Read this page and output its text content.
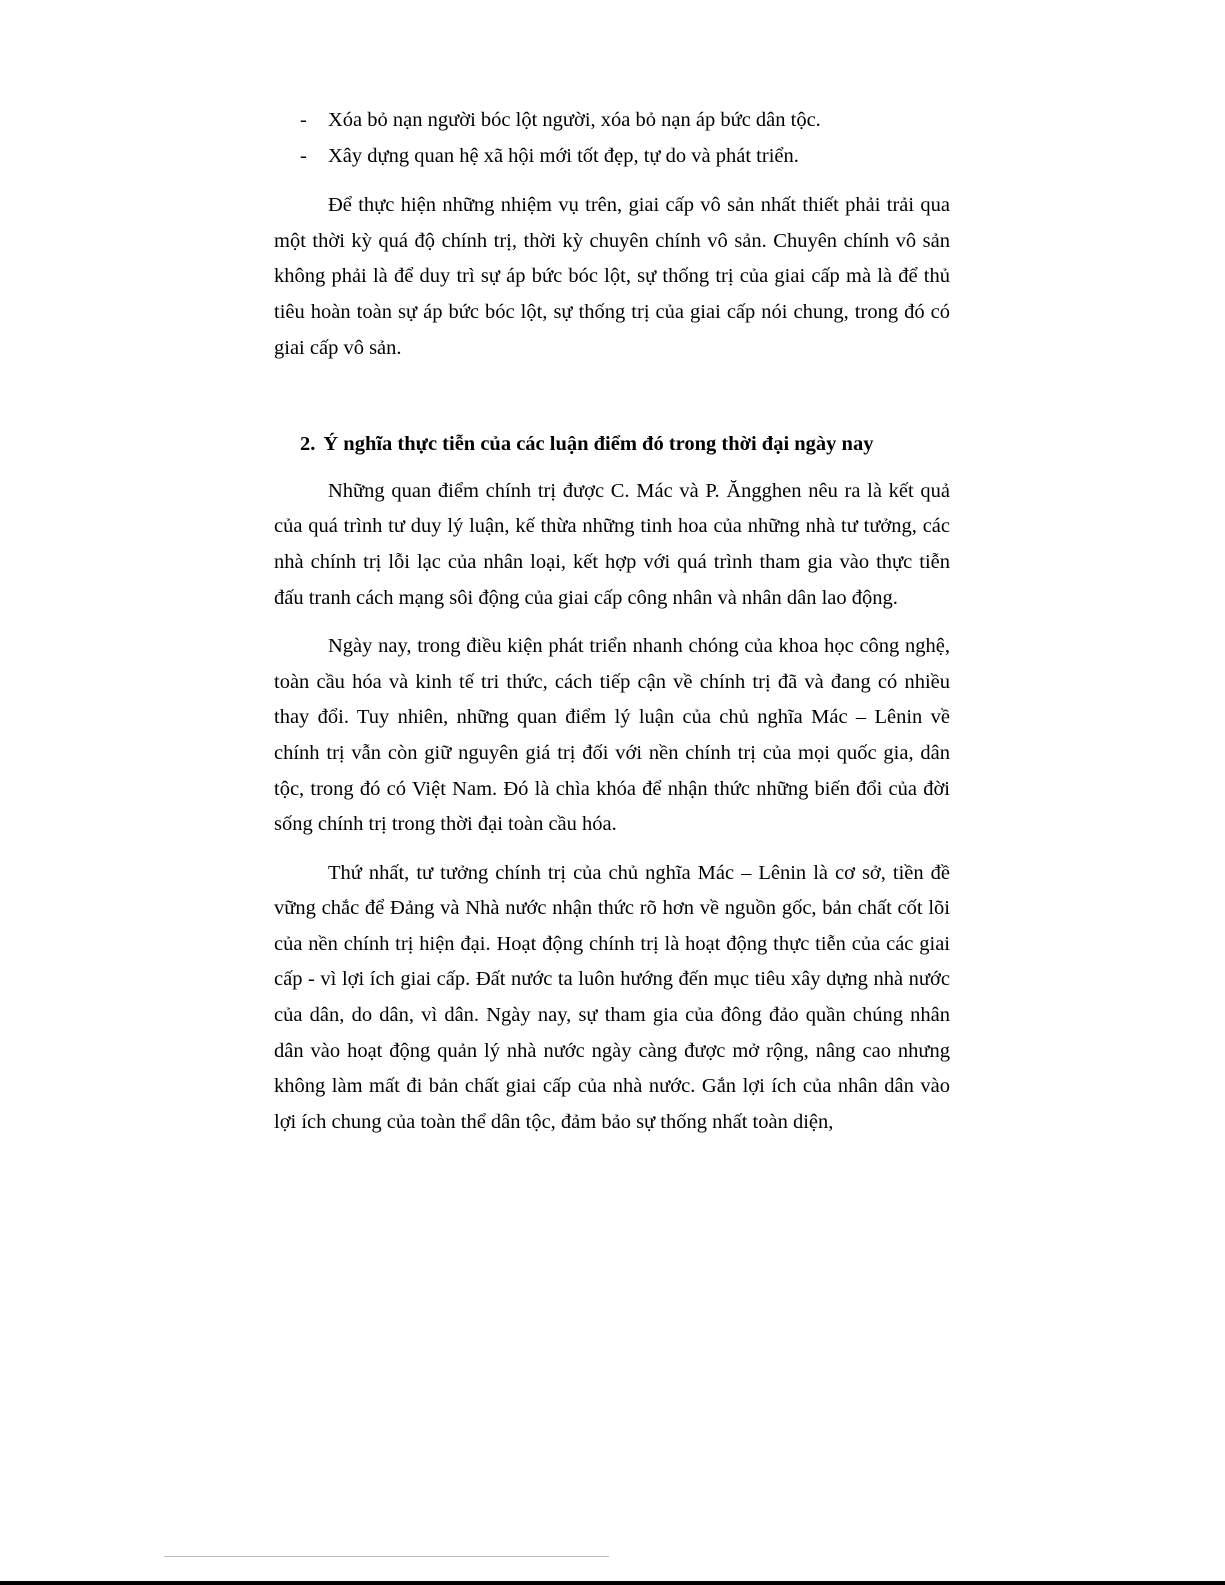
- Xóa bỏ nạn người bóc lột người, xóa bỏ nạn áp bức dân tộc.

- Xây dựng quan hệ xã hội mới tốt đẹp, tự do và phát triển.

Để thực hiện những nhiệm vụ trên, giai cấp vô sản nhất thiết phải trải qua một thời kỳ quá độ chính trị, thời kỳ chuyên chính vô sản. Chuyên chính vô sản không phải là để duy trì sự áp bức bóc lột, sự thống trị của giai cấp mà là để thủ tiêu hoàn toàn sự áp bức bóc lột, sự thống trị của giai cấp nói chung, trong đó có giai cấp vô sản.

2. Ý nghĩa thực tiễn của các luận điểm đó trong thời đại ngày nay

Những quan điểm chính trị được C. Mác và P. Ăngghen nêu ra là kết quả của quá trình tư duy lý luận, kế thừa những tinh hoa của những nhà tư tưởng, các nhà chính trị lỗi lạc của nhân loại, kết hợp với quá trình tham gia vào thực tiễn đấu tranh cách mạng sôi động của giai cấp công nhân và nhân dân lao động.

Ngày nay, trong điều kiện phát triển nhanh chóng của khoa học công nghệ, toàn cầu hóa và kinh tế tri thức, cách tiếp cận về chính trị đã và đang có nhiều thay đổi. Tuy nhiên, những quan điểm lý luận của chủ nghĩa Mác – Lênin về chính trị vẫn còn giữ nguyên giá trị đối với nền chính trị của mọi quốc gia, dân tộc, trong đó có Việt Nam. Đó là chìa khóa để nhận thức những biến đổi của đời sống chính trị trong thời đại toàn cầu hóa.

Thứ nhất, tư tưởng chính trị của chủ nghĩa Mác – Lênin là cơ sở, tiền đề vững chắc để Đảng và Nhà nước nhận thức rõ hơn về nguồn gốc, bản chất cốt lõi của nền chính trị hiện đại. Hoạt động chính trị là hoạt động thực tiễn của các giai cấp - vì lợi ích giai cấp. Đất nước ta luôn hướng đến mục tiêu xây dựng nhà nước của dân, do dân, vì dân. Ngày nay, sự tham gia của đông đảo quần chúng nhân dân vào hoạt động quản lý nhà nước ngày càng được mở rộng, nâng cao nhưng không làm mất đi bản chất giai cấp của nhà nước. Gắn lợi ích của nhân dân vào lợi ích chung của toàn thể dân tộc, đảm bảo sự thống nhất toàn diện,
